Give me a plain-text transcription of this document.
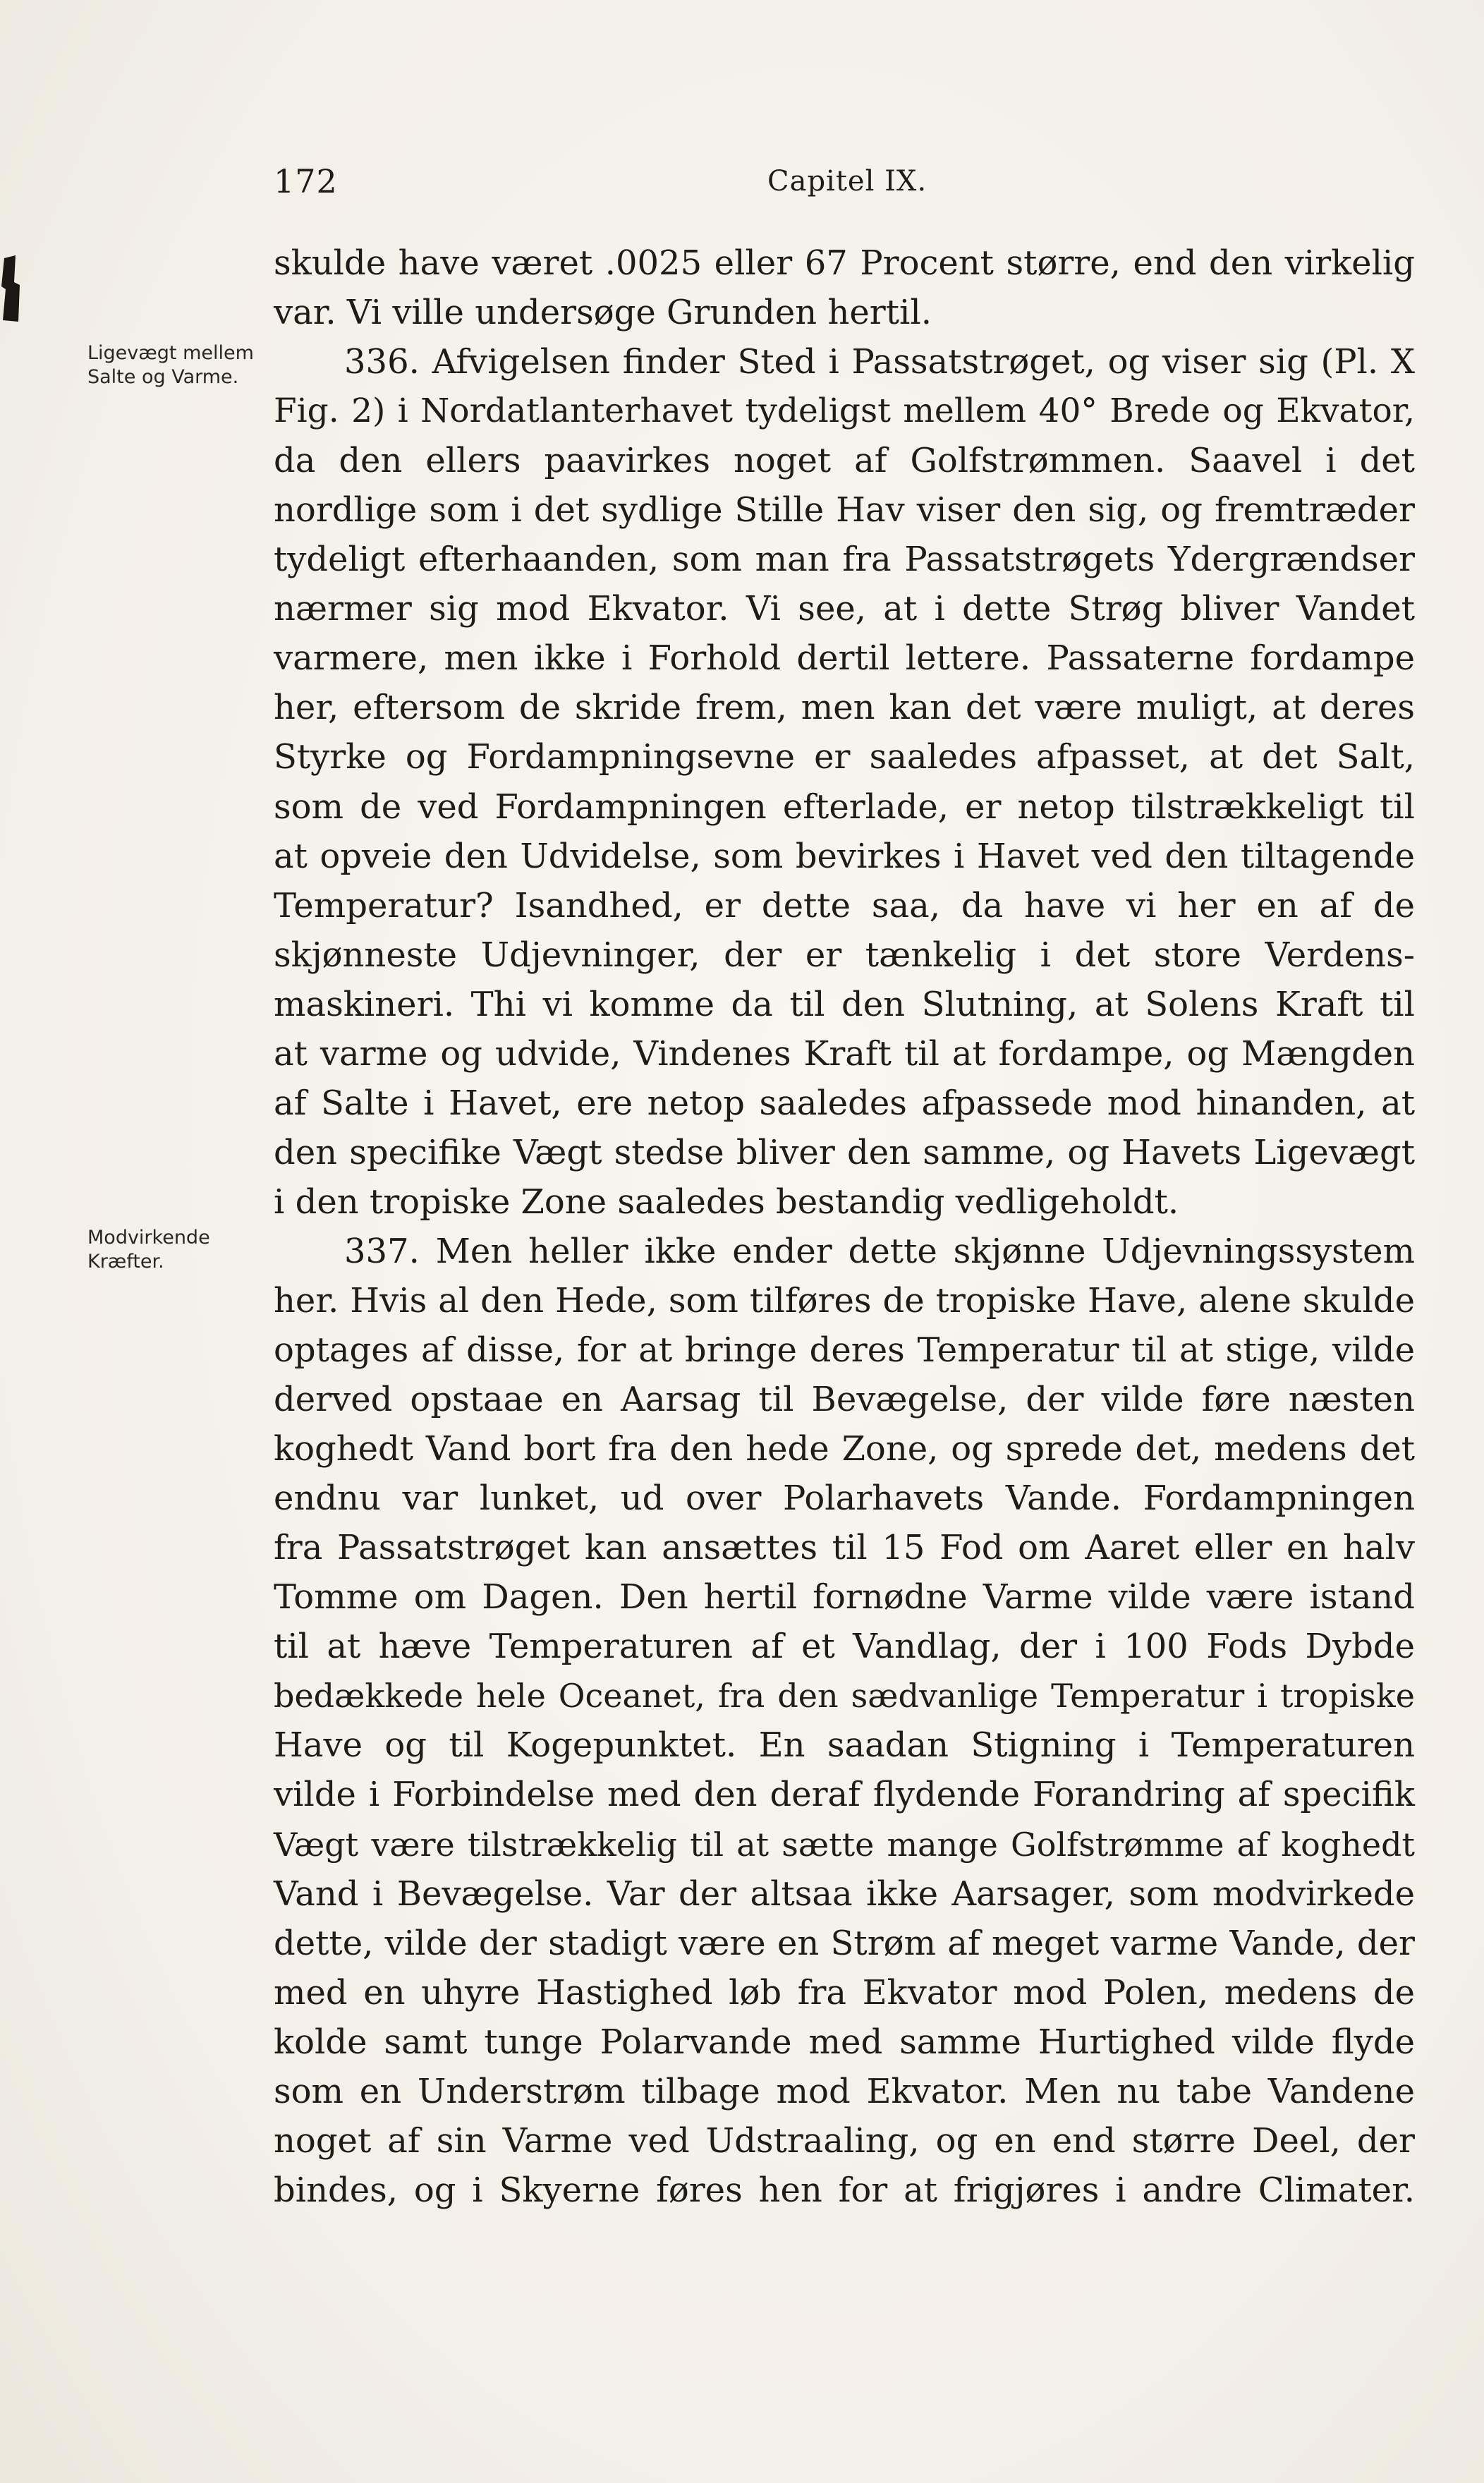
172	Capitel IX.

Ligevægt mellem Salte og Varme.

Modvirkende Kræfter.

skulde have været .0025 eller 67 Procent større, end den virkelig
var. Vi ville undersøge Grunden hertil.
336. Afvigelsen finder Sted i Passatstrøget, og viser sig (Pl. X
Fig. 2) i Nordatlanterhavet tydeligst mellem 40° Brede og Ekvator,
da den ellers paavirkes noget af Golfstrømmen. Saavel i det
nordlige som i det sydlige Stille Hav viser den sig, og fremtræder
tydeligt efterhaanden, som man fra Passatstrøgets Ydergrændser
nærmer sig mod Ekvator. Vi see, at i dette Strøg bliver Vandet
varmere, men ikke i Forhold dertil lettere. Passaterne fordampe
her, eftersom de skride frem, men kan det være muligt, at deres
Styrke og Fordampningsevne er saaledes afpasset, at det Salt,
som de ved Fordampningen efterlade, er netop tilstrækkeligt til
at opveie den Udvidelse, som bevirkes i Havet ved den tiltagende
Temperatur? Isandhed, er dette saa, da have vi her en af de
skjønneste Udjevninger, der er tænkelig i det store Verdens-
maskineri. Thi vi komme da til den Slutning, at Solens Kraft til
at varme og udvide, Vindenes Kraft til at fordampe, og Mængden
af Salte i Havet, ere netop saaledes afpassede mod hinanden, at
den specifike Vægt stedse bliver den samme, og Havets Ligevægt
i den tropiske Zone saaledes bestandig vedligeholdt.
337. Men heller ikke ender dette skjønne Udjevningssystem
her. Hvis al den Hede, som tilføres de tropiske Have, alene skulde
optages af disse, for at bringe deres Temperatur til at stige, vilde
derved opstaae en Aarsag til Bevægelse, der vilde føre næsten
koghedt Vand bort fra den hede Zone, og sprede det, medens det
endnu var lunket, ud over Polarhavets Vande. Fordampningen
fra Passatstrøget kan ansættes til 15 Fod om Aaret eller en halv
Tomme om Dagen. Den hertil fornødne Varme vilde være istand
til at hæve Temperaturen af et Vandlag, der i 100 Fods Dybde
bedækkede hele Oceanet, fra den sædvanlige Temperatur i tropiske
Have og til Kogepunktet. En saadan Stigning i Temperaturen
vilde i Forbindelse med den deraf flydende Forandring af specifik
Vægt være tilstrækkelig til at sætte mange Golfstrømme af koghedt
Vand i Bevægelse. Var der altsaa ikke Aarsager, som modvirkede
dette, vilde der stadigt være en Strøm af meget varme Vande, der
med en uhyre Hastighed løb fra Ekvator mod Polen, medens de
kolde samt tunge Polarvande med samme Hurtighed vilde flyde
som en Understrøm tilbage mod Ekvator. Men nu tabe Vandene
noget af sin Varme ved Udstraaling, og en end større Deel, der
bindes, og i Skyerne føres hen for at frigjøres i andre Climater.
